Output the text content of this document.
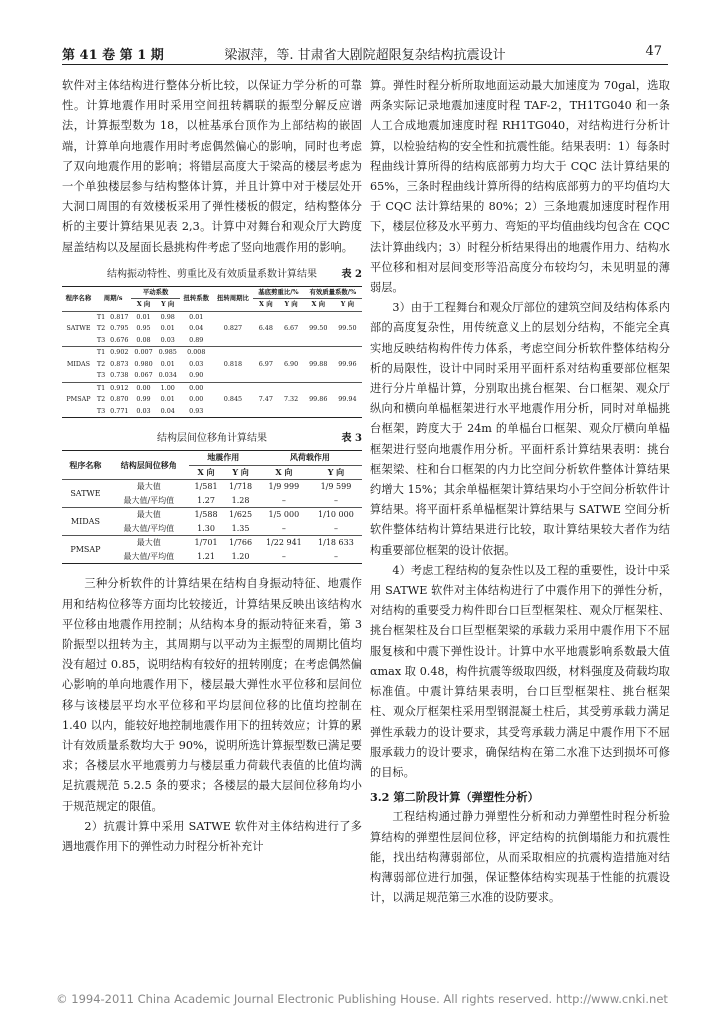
第 41 卷 第 1 期	梁淑萍，等. 甘肃省大剧院超限复杂结构抗震设计	47

软件对主体结构进行整体分析比较，以保证力学分析的可靠性。计算地震作用时采用空间扭转耦联的振型分解反应谱法，计算振型数为 18，以桩基承台顶作为上部结构的嵌固端，计算单向地震作用时考虑偶然偏心的影响，同时也考虑了双向地震作用的影响；将错层高度大于梁高的楼层考虑为一个单独楼层参与结构整体计算，并且计算中对于楼层处开大洞口周围的有效楼板采用了弹性楼板的假定，结构整体分析的主要计算结果见表 2,3。计算中对舞台和观众厅大跨度屋盖结构以及屋面长悬挑构件考虑了竖向地震作用的影响。

结构振动特性、剪重比及有效质量系数计算结果 表 2
程序名称	周期/s		平动系数		扭转系数	扭转周期比	基底剪重比/%		有效质量系数/%	
			X 向	Y 向			X 向	Y 向	X 向	Y 向
SATWE	T1	0.817	0.01	0.98	0.01	0.827	6.48	6.67	99.50	99.50
	T2	0.795	0.95	0.01	0.04					
	T3	0.676	0.08	0.03	0.89					
MIDAS	T1	0.902	0.007	0.985	0.008	0.818	6.97	6.90	99.88	99.96
	T2	0.873	0.980	0.01	0.03					
	T3	0.738	0.067	0.034	0.90					
PMSAP	T1	0.912	0.00	1.00	0.00	0.845	7.47	7.32	99.86	99.94
	T2	0.870	0.99	0.01	0.00					
	T3	0.771	0.03	0.04	0.93					
结构层间位移角计算结果	表 3
程序名称	结构层间位移角	地震作用		风荷载作用	
		X 向	Y 向	X 向	Y 向
SATWE	最大值	1/581	1/718	1/9 999	1/9 599
	最大值/平均值	1.27	1.28	–	–
MIDAS	最大值	1/588	1/625	1/5 000	1/10 000
	最大值/平均值	1.30	1.35	–	–
PMSAP	最大值	1/701	1/766	1/22 941	1/18 633
	最大值/平均值	1.21	1.20	–	–

三种分析软件的计算结果在结构自身振动特征、地震作用和结构位移等方面均比较接近，计算结果反映出该结构水平位移由地震作用控制；从结构本身的振动特征来看，第 3 阶振型以扭转为主，其周期与以平动为主振型的周期比值均没有超过 0.85，说明结构有较好的扭转刚度；在考虑偶然偏心影响的单向地震作用下，楼层最大弹性水平位移和层间位移与该楼层平均水平位移和平均层间位移的比值均控制在 1.40 以内，能较好地控制地震作用下的扭转效应；计算的累计有效质量系数均大于 90%，说明所选计算振型数已满足要求；各楼层水平地震剪力与楼层重力荷载代表值的比值均满足抗震规范 5.2.5 条的要求；各楼层的最大层间位移角均小于规范规定的限值。

2）抗震计算中采用 SATWE 软件对主体结构进行了多遇地震作用下的弹性动力时程分析补充计

算。弹性时程分析所取地面运动最大加速度为 70gal，选取两条实际记录地震加速度时程 TAF-2，TH1TG040 和一条人工合成地震加速度时程 RH1TG040，对结构进行分析计算，以检验结构的安全性和抗震性能。结果表明：1）每条时程曲线计算所得的结构底部剪力均大于 CQC 法计算结果的 65%，三条时程曲线计算所得的结构底部剪力的平均值均大于 CQC 法计算结果的 80%；2）三条地震加速度时程作用下，楼层位移及水平剪力、弯矩的平均值曲线均包含在 CQC 法计算曲线内；3）时程分析结果得出的地震作用力、结构水平位移和相对层间变形等沿高度分布较均匀，未见明显的薄弱层。

3）由于工程舞台和观众厅部位的建筑空间及结构体系内部的高度复杂性，用传统意义上的层划分结构，不能完全真实地反映结构构件传力体系，考虑空间分析软件整体结构分析的局限性，设计中同时采用平面杆系对结构重要部位框架进行分片单榀计算，分别取出挑台框架、台口框架、观众厅纵向和横向单榀框架进行水平地震作用分析，同时对单榀挑台框架，跨度大于 24m 的单榀台口框架、观众厅横向单榀框架进行竖向地震作用分析。平面杆系计算结果表明：挑台框架梁、柱和台口框架的内力比空间分析软件整体计算结果约增大 15%；其余单榀框架计算结果均小于空间分析软件计算结果。将平面杆系单榀框架计算结果与 SATWE 空间分析软件整体结构计算结果进行比较，取计算结果较大者作为结构重要部位框架的设计依据。

4）考虑工程结构的复杂性以及工程的重要性，设计中采用 SATWE 软件对主体结构进行了中震作用下的弹性分析，对结构的重要受力构件即台口巨型框架柱、观众厅框架柱、挑台框架柱及台口巨型框架梁的承载力采用中震作用下不屈服复核和中震下弹性设计。计算中水平地震影响系数最大值 αmax 取 0.48，构件抗震等级取四级，材料强度及荷载均取标准值。中震计算结果表明，台口巨型框架柱、挑台框架柱、观众厅框架柱采用型钢混凝土柱后，其受剪承载力满足弹性承载力的设计要求，其受弯承载力满足中震作用下不屈服承载力的设计要求，确保结构在第二水准下达到损坏可修的目标。

3.2 第二阶段计算（弹塑性分析）

工程结构通过静力弹塑性分析和动力弹塑性时程分析验算结构的弹塑性层间位移，评定结构的抗倒塌能力和抗震性能，找出结构薄弱部位，从而采取相应的抗震构造措施对结构薄弱部位进行加强，保证整体结构实现基于性能的抗震设计，以满足规范第三水准的设防要求。

© 1994-2011 China Academic Journal Electronic Publishing House. All rights reserved. http://www.cnki.net
